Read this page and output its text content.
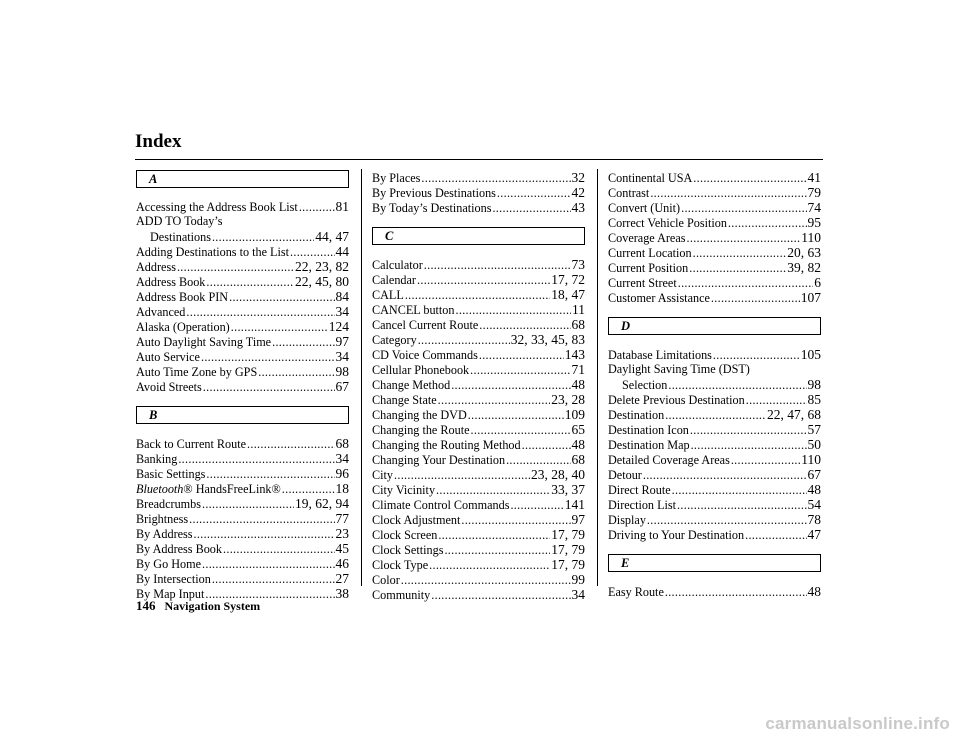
Index
A
Accessing the Address Book List .....	81
ADD TO Today’s
Destinations .....	44, 47
Adding Destinations to the List .....	44
Address .....	22, 23, 82
Address Book .....	22, 45, 80
Address Book PIN .....	84
Advanced .....	34
Alaska (Operation) .....	124
Auto Daylight Saving Time .....	97
Auto Service .....	34
Auto Time Zone by GPS .....	98
Avoid Streets .....	67
B
Back to Current Route .....	68
Banking .....	34
Basic Settings .....	96
Bluetooth® HandsFreeLink® .....	18
Breadcrumbs .....	19, 62, 94
Brightness .....	77
By Address .....	23
By Address Book .....	45
By Go Home .....	46
By Intersection .....	27
By Map Input .....	38
By Places .....	32
By Previous Destinations .....	42
By Today’s Destinations .....	43
C
Calculator .....	73
Calendar .....	17, 72
CALL .....	18, 47
CANCEL button .....	11
Cancel Current Route .....	68
Category .....	32, 33, 45, 83
CD Voice Commands .....	143
Cellular Phonebook .....	71
Change Method .....	48
Change State .....	23, 28
Changing the DVD .....	109
Changing the Route .....	65
Changing the Routing Method .....	48
Changing Your Destination .....	68
City .....	23, 28, 40
City Vicinity .....	33, 37
Climate Control Commands .....	141
Clock Adjustment .....	97
Clock Screen .....	17, 79
Clock Settings .....	17, 79
Clock Type .....	17, 79
Color .....	99
Community .....	34
Continental USA .....	41
Contrast .....	79
Convert (Unit) .....	74
Correct Vehicle Position .....	95
Coverage Areas .....	110
Current Location .....	20, 63
Current Position .....	39, 82
Current Street .....	6
Customer Assistance .....	107
D
Database Limitations .....	105
Daylight Saving Time (DST)
Selection .....	98
Delete Previous Destination .....	85
Destination .....	22, 47, 68
Destination Icon .....	57
Destination Map .....	50
Detailed Coverage Areas .....	110
Detour .....	67
Direct Route .....	48
Direction List .....	54
Display .....	78
Driving to Your Destination .....	47
E
Easy Route .....	48
146 Navigation System
carmanualsonline.info
